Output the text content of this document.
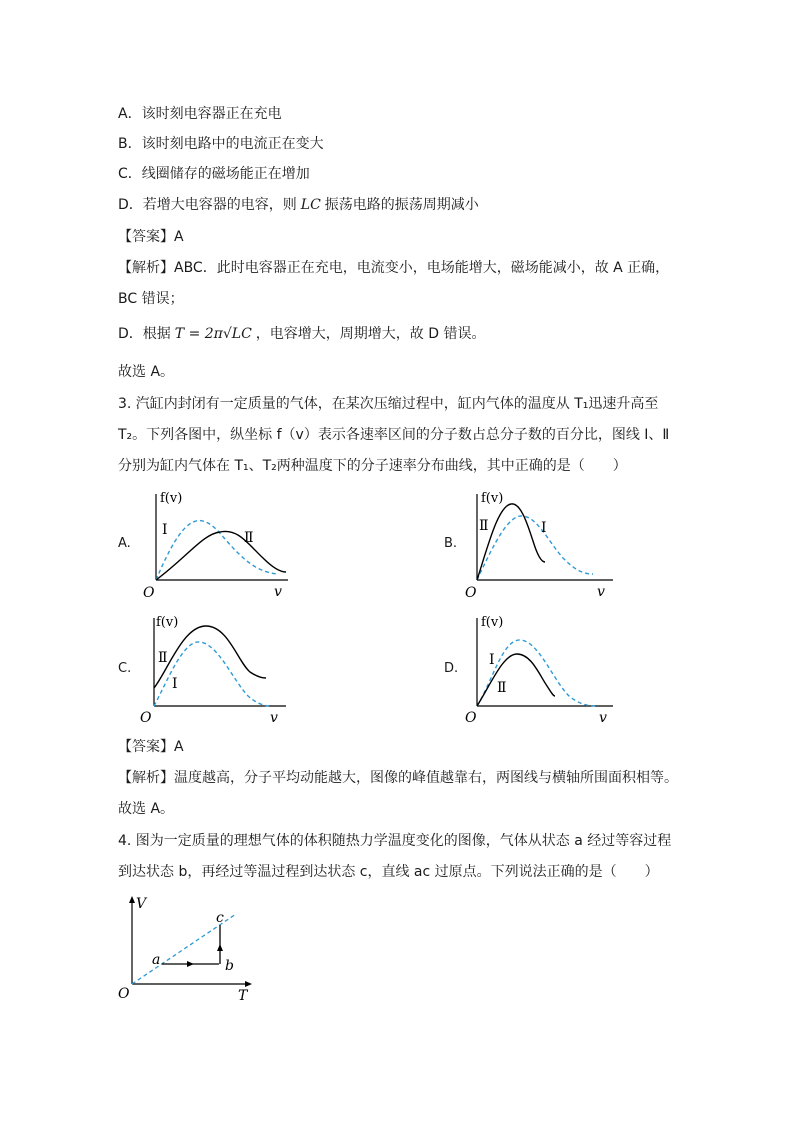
A．该时刻电容器正在充电
B．该时刻电路中的电流正在变大
C．线圈储存的磁场能正在增加
D．若增大电容器的电容，则 LC 振荡电路的振荡周期减小
【答案】A
【解析】ABC．此时电容器正在充电，电流变小，电场能增大，磁场能减小，故 A 正确，
BC 错误；
D．根据 T = 2π√LC ，电容增大，周期增大，故 D 错误。
故选 A。
3. 汽缸内封闭有一定质量的气体，在某次压缩过程中，缸内气体的温度从 T₁迅速升高至
T₂。下列各图中，纵坐标 f（v）表示各速率区间的分子数占总分子数的百分比，图线 Ⅰ、Ⅱ
分别为缸内气体在 T₁、T₂两种温度下的分子速率分布曲线，其中正确的是（　　）
A.	B.
C.	D.
f(v)
O	v
Ⅰ	Ⅱ
f(v)
O	v
Ⅱ	Ⅰ
f(v)
O	v
Ⅱ
Ⅰ
f(v)
O	v
Ⅰ
Ⅱ
【答案】A
【解析】温度越高，分子平均动能越大，图像的峰值越靠右，两图线与横轴所围面积相等。
故选 A。
4. 图为一定质量的理想气体的体积随热力学温度变化的图像，气体从状态 a 经过等容过程
到达状态 b，再经过等温过程到达状态 c，直线 ac 过原点。下列说法正确的是（　　）
V
O	T
a	b
c
